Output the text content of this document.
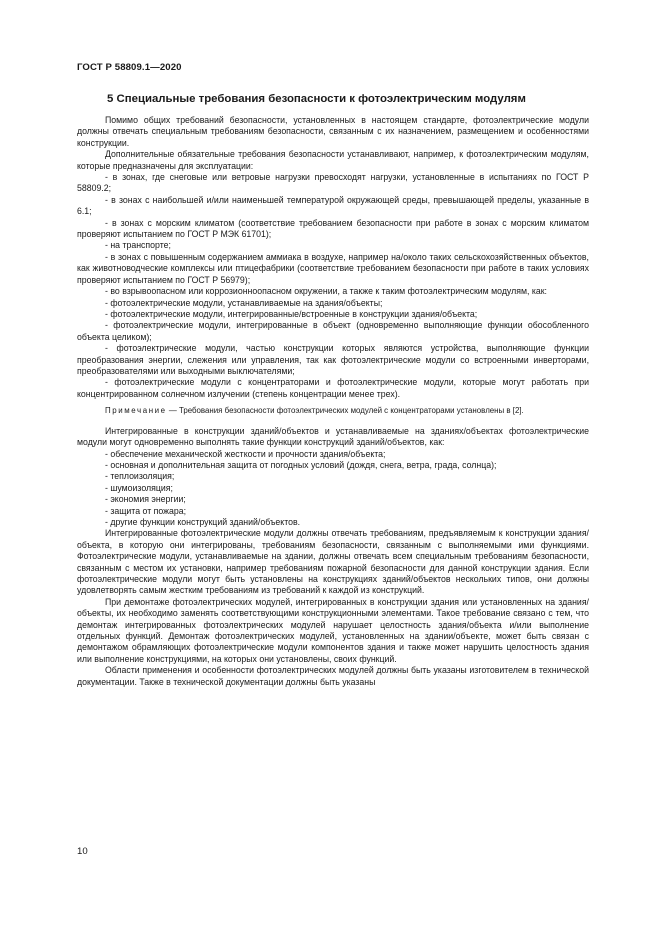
ГОСТ Р 58809.1—2020
5 Специальные требования безопасности к фотоэлектрическим модулям

Помимо общих требований безопасности, установленных в настоящем стандарте, фотоэлектрические модули должны отвечать специальным требованиям безопасности, связанным с их назначением, размещением и особенностями конструкции.

Дополнительные обязательные требования безопасности устанавливают, например, к фотоэлектрическим модулям, которые предназначены для эксплуатации:

- в зонах, где снеговые или ветровые нагрузки превосходят нагрузки, установленные в испытаниях по ГОСТ Р 58809.2;

- в зонах с наибольшей и/или наименьшей температурой окружающей среды, превышающей пределы, указанные в 6.1;

- в зонах с морским климатом (соответствие требованием безопасности при работе в зонах с морским климатом проверяют испытанием по ГОСТ Р МЭК 61701);

- на транспорте;

- в зонах с повышенным содержанием аммиака в воздухе, например на/около таких сельскохозяйственных объектов, как животноводческие комплексы или птицефабрики (соответствие требованием безопасности при работе в таких условиях проверяют испытанием по ГОСТ Р 56979);

- во взрывоопасном или коррозионноопасном окружении, а также к таким фотоэлектрическим модулям, как:

- фотоэлектрические модули, устанавливаемые на здания/объекты;

- фотоэлектрические модули, интегрированные/встроенные в конструкции здания/объекта;

- фотоэлектрические модули, интегрированные в объект (одновременно выполняющие функции обособленного объекта целиком);

- фотоэлектрические модули, частью конструкции которых являются устройства, выполняющие функции преобразования энергии, слежения или управления, так как фотоэлектрические модули со встроенными инверторами, преобразователями или выходными выключателями;

- фотоэлектрические модули с концентраторами и фотоэлектрические модули, которые могут работать при концентрированном солнечном излучении (степень концентрации менее трех).

Примечание — Требования безопасности фотоэлектрических модулей с концентраторами установлены в [2].

Интегрированные в конструкции зданий/объектов и устанавливаемые на зданиях/объектах фотоэлектрические модули могут одновременно выполнять такие функции конструкций зданий/объектов, как:

- обеспечение механической жесткости и прочности здания/объекта;

- основная и дополнительная защита от погодных условий (дождя, снега, ветра, града, солнца);

- теплоизоляция;

- шумоизоляция;

- экономия энергии;

- защита от пожара;

- другие функции конструкций зданий/объектов.

Интегрированные фотоэлектрические модули должны отвечать требованиям, предъявляемым к конструкции здания/объекта, в которую они интегрированы, требованиям безопасности, связанным с выполняемыми ими функциями. Фотоэлектрические модули, устанавливаемые на здании, должны отвечать всем специальным требованиям безопасности, связанным с местом их установки, например требованиям пожарной безопасности для данной конструкции здания. Если фотоэлектрические модули могут быть установлены на конструкциях зданий/объектов нескольких типов, они должны удовлетворять самым жестким требованиям из требований к каждой из конструкций.

При демонтаже фотоэлектрических модулей, интегрированных в конструкции здания или установленных на здания/объекты, их необходимо заменять соответствующими конструкционными элементами. Такое требование связано с тем, что демонтаж интегрированных фотоэлектрических модулей нарушает целостность здания/объекта и/или выполнение отдельных функций. Демонтаж фотоэлектрических модулей, установленных на здании/объекте, может быть связан с демонтажом обрамляющих фотоэлектрические модули компонентов здания и также может нарушить целостность здания или выполнение конструкциями, на которых они установлены, своих функций.

Области применения и особенности фотоэлектрических модулей должны быть указаны изготовителем в технической документации. Также в технической документации должны быть указаны

10
